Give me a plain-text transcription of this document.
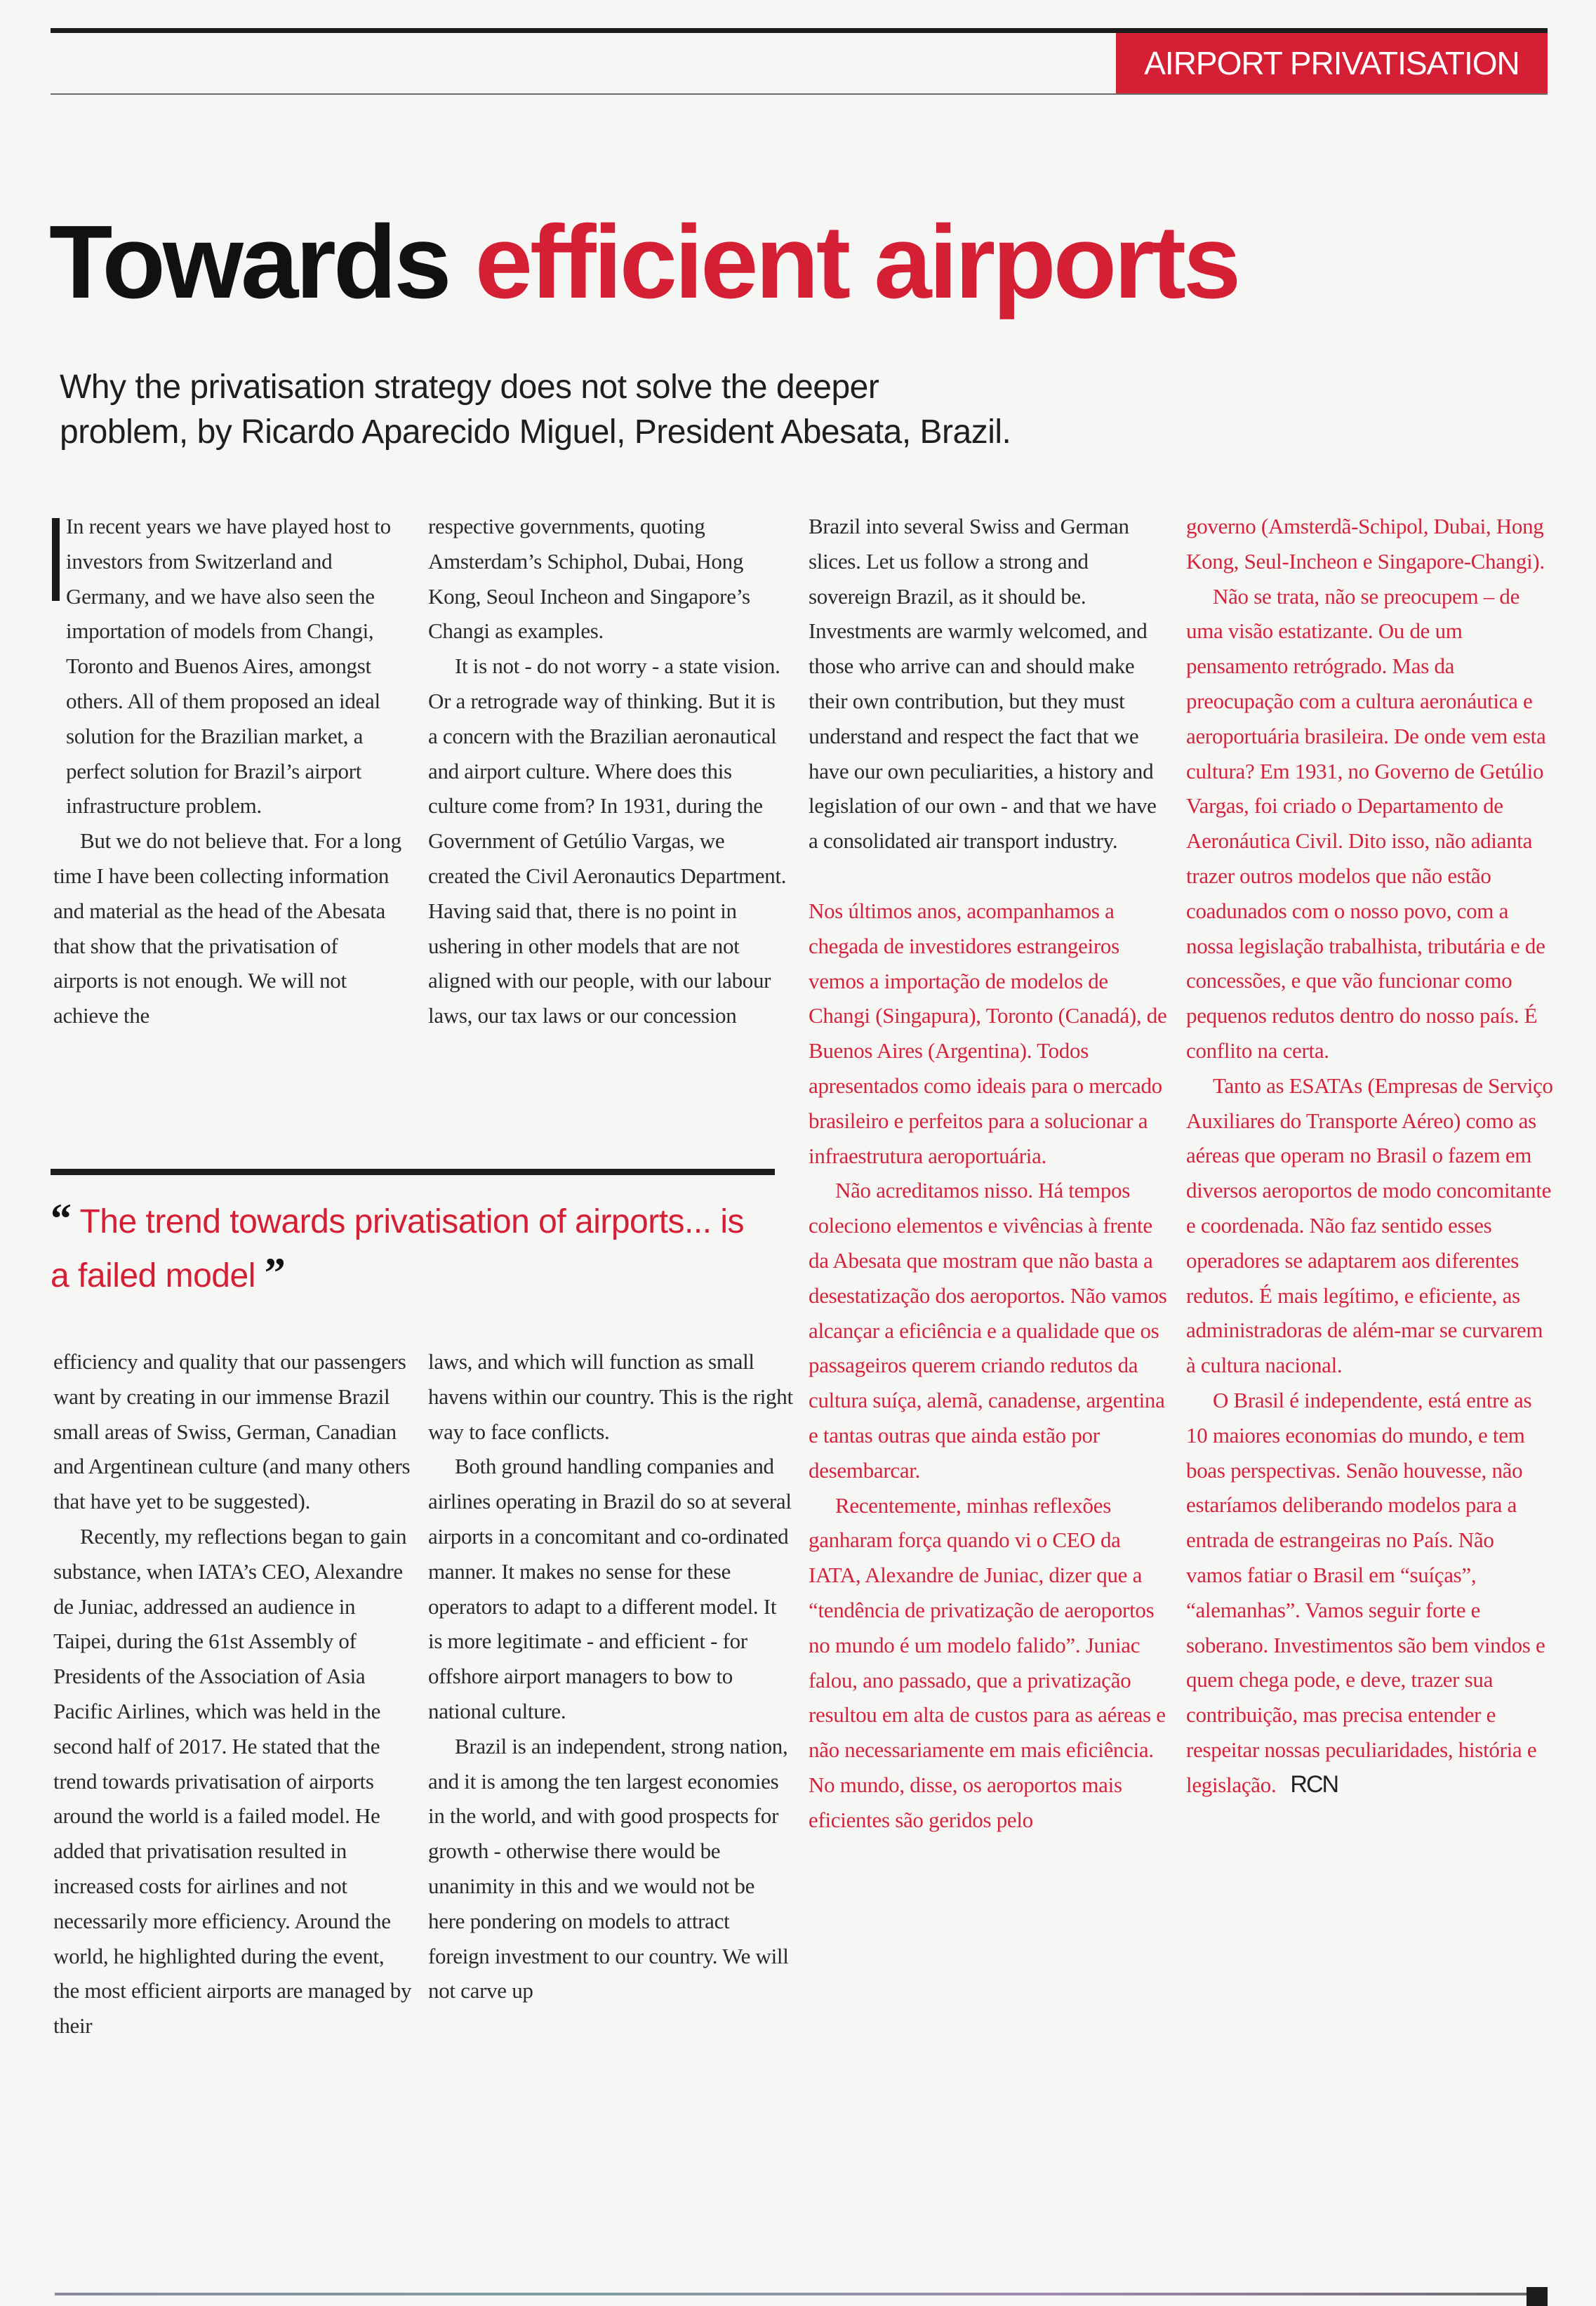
AIRPORT PRIVATISATION
Towards efficient airports
Why the privatisation strategy does not solve the deeper
problem, by Ricardo Aparecido Miguel, President Abesata, Brazil.

In recent years we have played host to investors from Switzerland and Germany, and we have also seen the importation of models from Changi, Toronto and Buenos Aires, amongst others. All of them proposed an ideal solution for the Brazilian market, a perfect solution for Brazil’s airport infrastructure problem.

But we do not believe that. For a long time I have been collecting information and material as the head of the Abesata that show that the privatisation of airports is not enough. We will not achieve the

respective governments, quoting Amsterdam’s Schiphol, Dubai, Hong Kong, Seoul Incheon and Singapore’s Changi as examples.

It is not - do not worry - a state vision. Or a retrograde way of thinking. But it is a concern with the Brazilian aeronautical and airport culture. Where does this culture come from? In 1931, during the Government of Getúlio Vargas, we created the Civil Aeronautics Department. Having said that, there is no point in ushering in other models that are not aligned with our people, with our labour laws, our tax laws or our concession

“ The trend towards privatisation of airports... is a failed model ”

efficiency and quality that our passengers want by creating in our immense Brazil small areas of Swiss, German, Canadian and Argentinean culture (and many others that have yet to be suggested).

Recently, my reflections began to gain substance, when IATA’s CEO, Alexandre de Juniac, addressed an audience in Taipei, during the 61st Assembly of Presidents of the Association of Asia Pacific Airlines, which was held in the second half of 2017. He stated that the trend towards privatisation of airports around the world is a failed model. He added that privatisation resulted in increased costs for airlines and not necessarily more efficiency. Around the world, he highlighted during the event, the most efficient airports are managed by their

laws, and which will function as small havens within our country. This is the right way to face conflicts.

Both ground handling companies and airlines operating in Brazil do so at several airports in a concomitant and co-ordinated manner. It makes no sense for these operators to adapt to a different model. It is more legitimate - and efficient - for offshore airport managers to bow to national culture.

Brazil is an independent, strong nation, and it is among the ten largest economies in the world, and with good prospects for growth - otherwise there would be unanimity in this and we would not be here pondering on models to attract foreign investment to our country. We will not carve up

Brazil into several Swiss and German slices. Let us follow a strong and sovereign Brazil, as it should be. Investments are warmly welcomed, and those who arrive can and should make their own contribution, but they must understand and respect the fact that we have our own peculiarities, a history and legislation of our own - and that we have a consolidated air transport industry.

Nos últimos anos, acompanhamos a chegada de investidores estrangeiros vemos a importação de modelos de Changi (Singapura), Toronto (Canadá), de Buenos Aires (Argentina). Todos apresentados como ideais para o mercado brasileiro e perfeitos para a solucionar a infraestrutura aeroportuária.

Não acreditamos nisso. Há tempos coleciono elementos e vivências à frente da Abesata que mostram que não basta a desestatização dos aeroportos. Não vamos alcançar a eficiência e a qualidade que os passageiros querem criando redutos da cultura suíça, alemã, canadense, argentina e tantas outras que ainda estão por desembarcar.

Recentemente, minhas reflexões ganharam força quando vi o CEO da IATA, Alexandre de Juniac, dizer que a “tendência de privatização de aeroportos no mundo é um modelo falido”. Juniac falou, ano passado, que a privatização resultou em alta de custos para as aéreas e não necessariamente em mais eficiência. No mundo, disse, os aeroportos mais eficientes são geridos pelo

governo (Amsterdã-Schipol, Dubai, Hong Kong, Seul-Incheon e Singapore-Changi).

Não se trata, não se preocupem – de uma visão estatizante. Ou de um pensamento retrógrado. Mas da preocupação com a cultura aeronáutica e aeroportuária brasileira. De onde vem esta cultura? Em 1931, no Governo de Getúlio Vargas, foi criado o Departamento de Aeronáutica Civil. Dito isso, não adianta trazer outros modelos que não estão coadunados com o nosso povo, com a nossa legislação trabalhista, tributária e de concessões, e que vão funcionar como pequenos redutos dentro do nosso país. É conflito na certa.

Tanto as ESATAs (Empresas de Serviço Auxiliares do Transporte Aéreo) como as aéreas que operam no Brasil o fazem em diversos aeroportos de modo concomitante e coordenada. Não faz sentido esses operadores se adaptarem aos diferentes redutos. É mais legítimo, e eficiente, as administradoras de além-mar se curvarem à cultura nacional.

O Brasil é independente, está entre as 10 maiores economias do mundo, e tem boas perspectivas. Senão houvesse, não estaríamos deliberando modelos para a entrada de estrangeiras no País. Não vamos fatiar o Brasil em “suíças”, “alemanhas”. Vamos seguir forte e soberano. Investimentos são bem vindos e quem chega pode, e deve, trazer sua contribuição, mas precisa entender e respeitar nossas peculiaridades, história e legislação. RCN
